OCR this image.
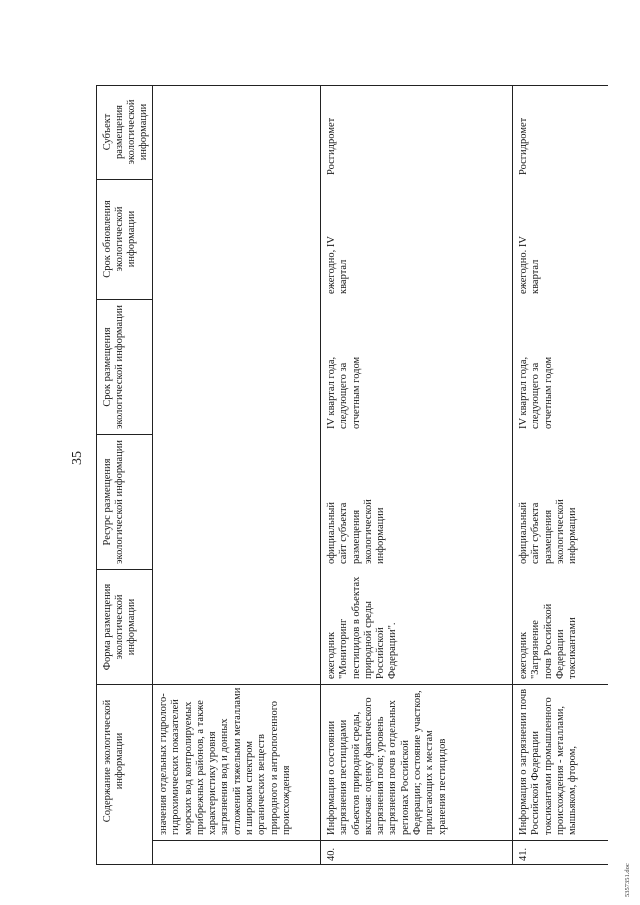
35
Содержание экологической информации
Форма размещения экологической информации
Ресурс размещения экологической информации
Срок размещения экологической информации
Срок обновления экологической информации
Субъект размещения экологической информации
значения отдельных гидролого-гидрохимических показателей морских вод контролируемых прибрежных районов, а также характеристику уровня загрязнения вод и донных отложений тяжелыми металлами и широким спектром органических веществ природного и антропогенного происхождения
40.
Информация о состоянии загрязнения пестицидами объектов природной среды, включая: оценку фактического загрязнения почв; уровень загрязнения почв в отдельных регионах Российской Федерации; состояние участков, прилегающих к местам хранения пестицидов
ежегодник "Мониторинг пестицидов в объектах природной среды Российской Федерации".
официальный сайт субъекта размещения экологической информации
IV квартал года, следующего за отчетным годом
ежегодно, IV квартал
Росгидромет
41.
Информация о загрязнении почв Российской Федерации токсикантами промышленного происхождения - металлами, мышьяком, фтором,
ежегодник "Загрязнение почв Российской Федерации токсикантами
официальный сайт субъекта размещения экологической информации
IV квартал года, следующего за отчетным годом
ежегодно. IV квартал
Росгидромет
5357351.doc
